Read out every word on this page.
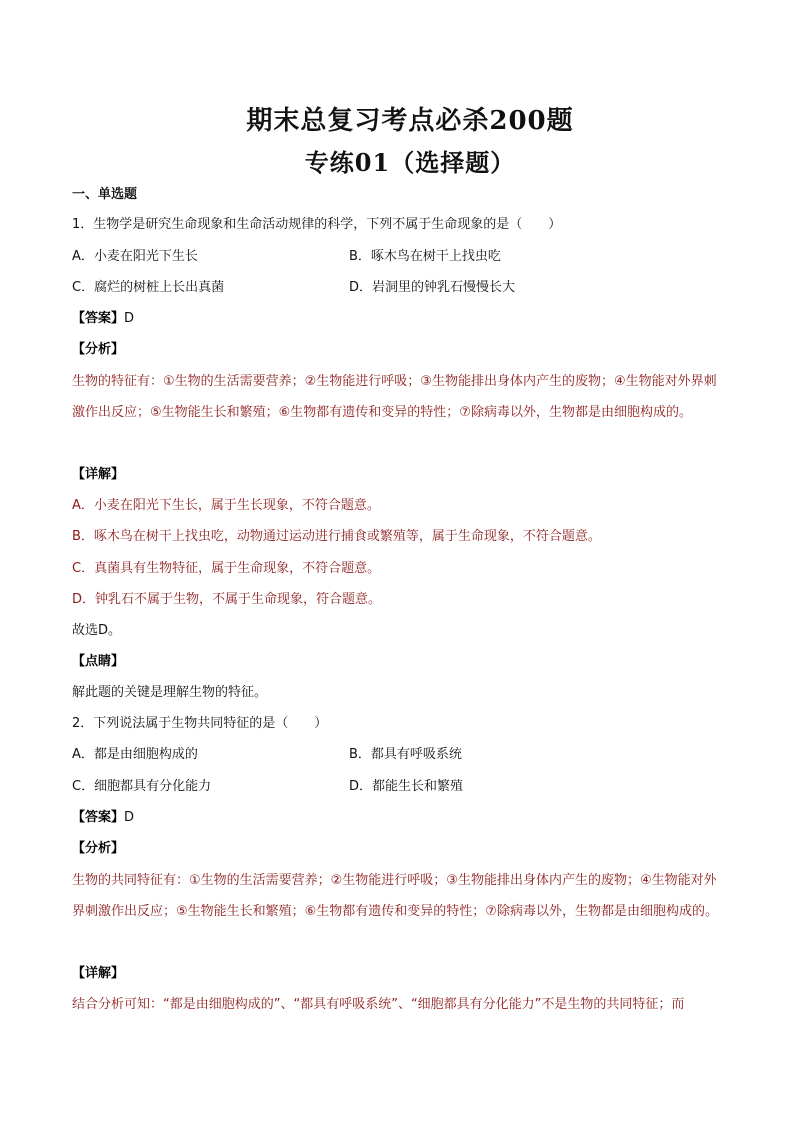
期末总复习考点必杀200题
专练01（选择题）
一、单选题
1．生物学是研究生命现象和生命活动规律的科学，下列不属于生命现象的是（　　）
A．小麦在阳光下生长	B．啄木鸟在树干上找虫吃
C．腐烂的树桩上长出真菌	D．岩洞里的钟乳石慢慢长大
【答案】D
【分析】
生物的特征有：①生物的生活需要营养；②生物能进行呼吸；③生物能排出身体内产生的废物；④生物能对外界刺激作出反应；⑤生物能生长和繁殖；⑥生物都有遗传和变异的特性；⑦除病毒以外，生物都是由细胞构成的。
【详解】
A．小麦在阳光下生长，属于生长现象，不符合题意。
B．啄木鸟在树干上找虫吃，动物通过运动进行捕食或繁殖等，属于生命现象，不符合题意。
C．真菌具有生物特征，属于生命现象，不符合题意。
D．钟乳石不属于生物，不属于生命现象，符合题意。
故选D。
【点睛】
解此题的关键是理解生物的特征。
2．下列说法属于生物共同特征的是（　　）
A．都是由细胞构成的	B．都具有呼吸系统
C．细胞都具有分化能力	D．都能生长和繁殖
【答案】D
【分析】
生物的共同特征有：①生物的生活需要营养；②生物能进行呼吸；③生物能排出身体内产生的废物；④生物能对外界刺激作出反应；⑤生物能生长和繁殖；⑥生物都有遗传和变异的特性；⑦除病毒以外，生物都是由细胞构成的。
【详解】
结合分析可知：“都是由细胞构成的”、“都具有呼吸系统”、“细胞都具有分化能力”不是生物的共同特征；而
